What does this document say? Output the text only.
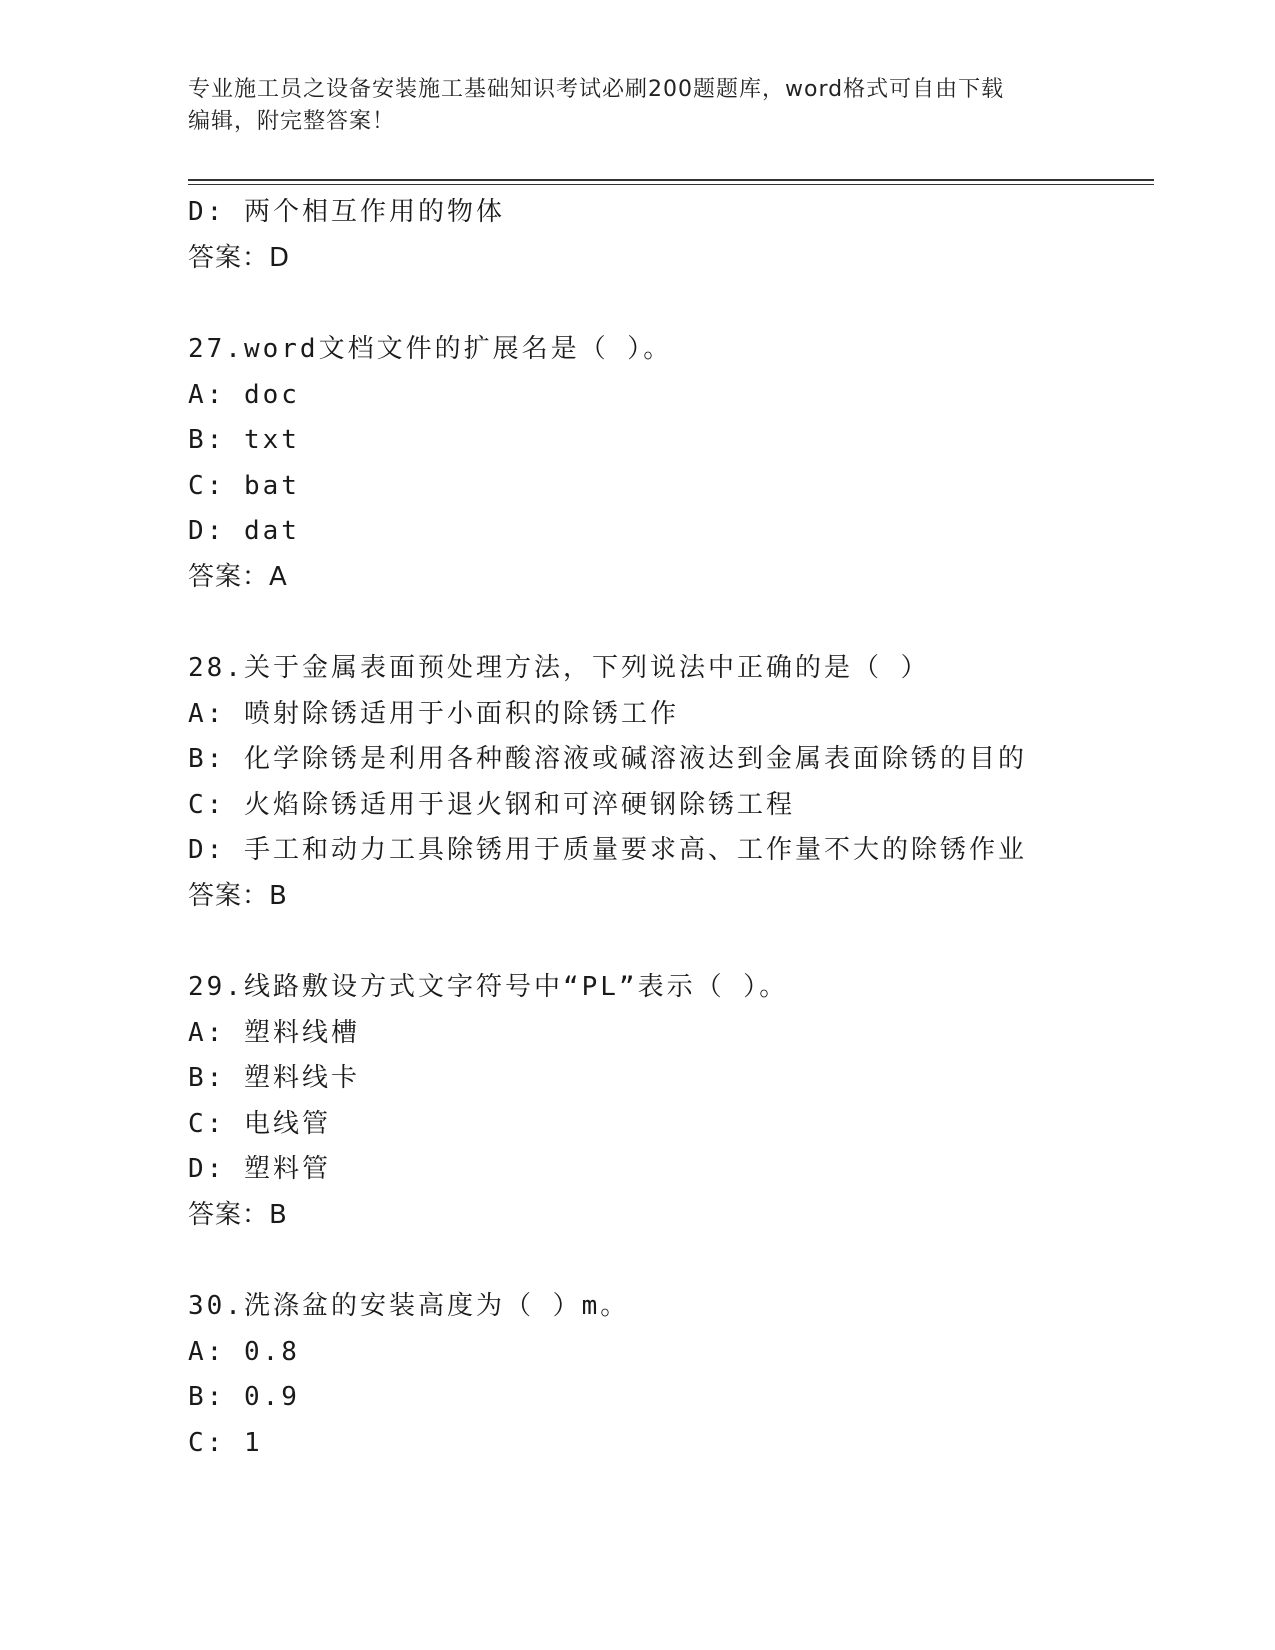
专业施工员之设备安装施工基础知识考试必刷200题题库，word格式可自由下载
编辑，附完整答案！
D: 两个相互作用的物体
答案：D
27.word文档文件的扩展名是（ ）。
A: doc
B: txt
C: bat
D: dat
答案：A
28.关于金属表面预处理方法，下列说法中正确的是（ ）
A: 喷射除锈适用于小面积的除锈工作
B: 化学除锈是利用各种酸溶液或碱溶液达到金属表面除锈的目的
C: 火焰除锈适用于退火钢和可淬硬钢除锈工程
D: 手工和动力工具除锈用于质量要求高、工作量不大的除锈作业
答案：B
29.线路敷设方式文字符号中“PL”表示（ ）。
A: 塑料线槽
B: 塑料线卡
C: 电线管
D: 塑料管
答案：B
30.洗涤盆的安装高度为（ ）m。
A: 0.8
B: 0.9
C: 1
